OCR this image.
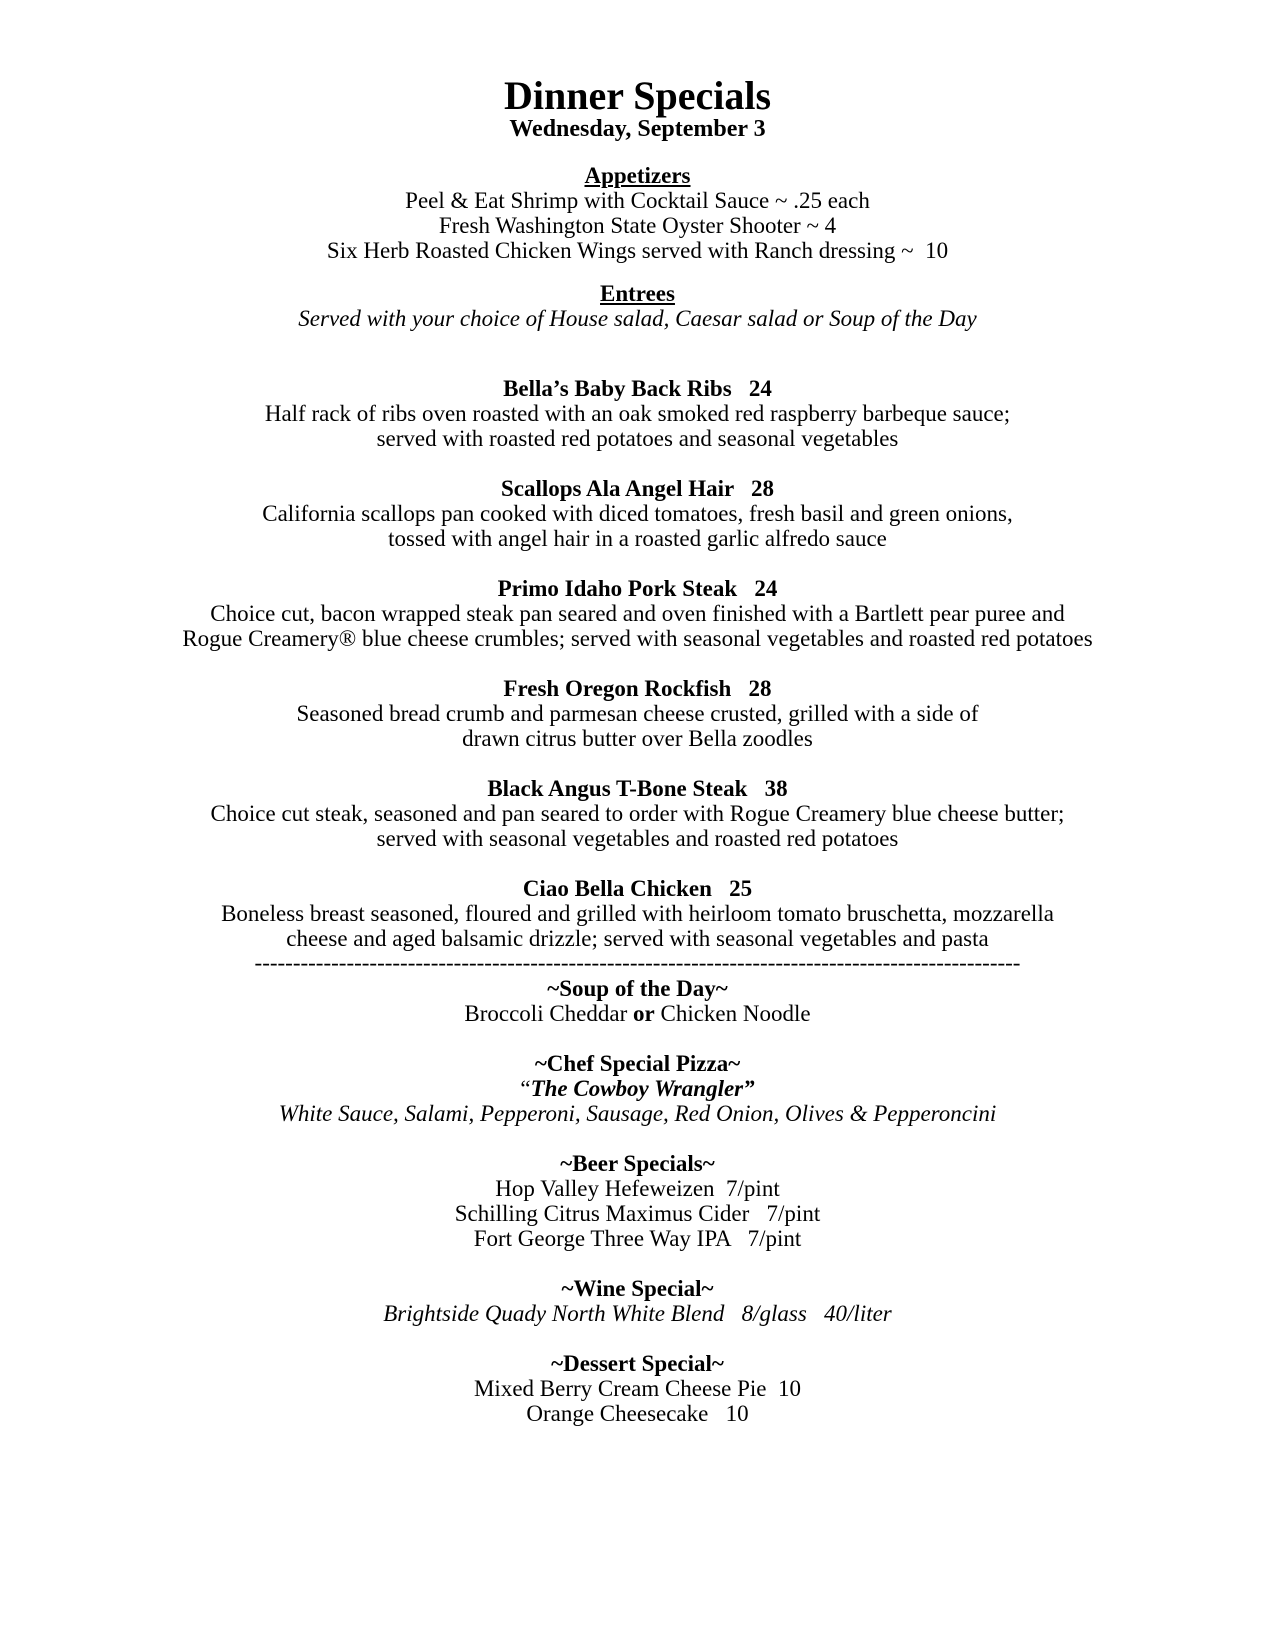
Dinner Specials
Wednesday, September 3
Appetizers
Peel & Eat Shrimp with Cocktail Sauce ~ .25 each
Fresh Washington State Oyster Shooter ~ 4
Six Herb Roasted Chicken Wings served with Ranch dressing ~  10
Entrees
Served with your choice of House salad, Caesar salad or Soup of the Day
Bella’s Baby Back Ribs   24
Half rack of ribs oven roasted with an oak smoked red raspberry barbeque sauce;
served with roasted red potatoes and seasonal vegetables
Scallops Ala Angel Hair   28
California scallops pan cooked with diced tomatoes, fresh basil and green onions,
tossed with angel hair in a roasted garlic alfredo sauce
Primo Idaho Pork Steak   24
Choice cut, bacon wrapped steak pan seared and oven finished with a Bartlett pear puree and
Rogue Creamery® blue cheese crumbles; served with seasonal vegetables and roasted red potatoes
Fresh Oregon Rockfish   28
Seasoned bread crumb and parmesan cheese crusted, grilled with a side of
drawn citrus butter over Bella zoodles
Black Angus T-Bone Steak   38
Choice cut steak, seasoned and pan seared to order with Rogue Creamery blue cheese butter;
served with seasonal vegetables and roasted red potatoes
Ciao Bella Chicken   25
Boneless breast seasoned, floured and grilled with heirloom tomato bruschetta, mozzarella
cheese and aged balsamic drizzle; served with seasonal vegetables and pasta
----------------------------------------------------------------------------------------------------
~Soup of the Day~
Broccoli Cheddar or Chicken Noodle
~Chef Special Pizza~
“The Cowboy Wrangler”
White Sauce, Salami, Pepperoni, Sausage, Red Onion, Olives & Pepperoncini
~Beer Specials~
Hop Valley Hefeweizen  7/pint
Schilling Citrus Maximus Cider   7/pint
Fort George Three Way IPA   7/pint
~Wine Special~
Brightside Quady North White Blend   8/glass   40/liter
~Dessert Special~
Mixed Berry Cream Cheese Pie  10
Orange Cheesecake   10
